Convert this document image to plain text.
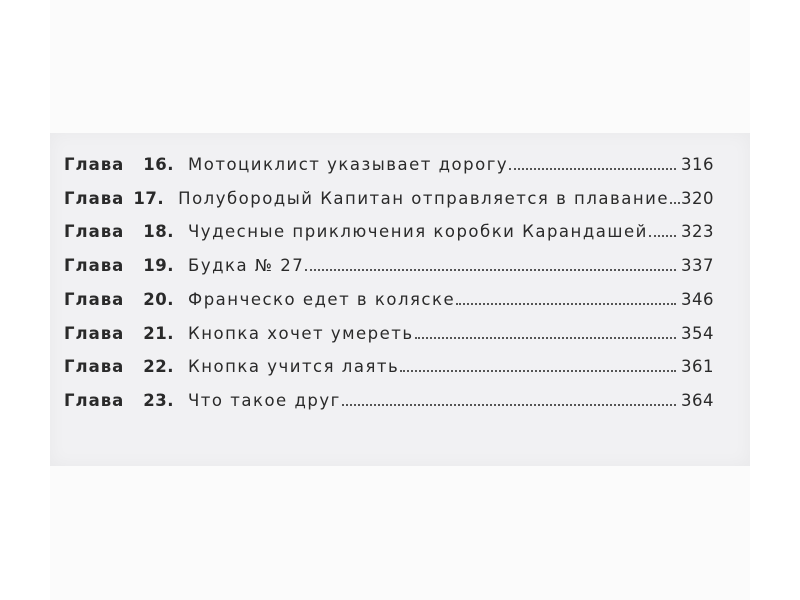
Глава	16. Мотоциклист указывает дорогу	316
Глава 17. Полубородый Капитан отправляется в плавание 320
Глава	18. Чудесные приключения коробки Карандашей 323
Глава	19. Будка № 27	337
Глава	20. Франческо едет в коляске	346
Глава	21. Кнопка хочет умереть	354
Глава	22. Кнопка учится лаять	361
Глава	23. Что такое друг	364
